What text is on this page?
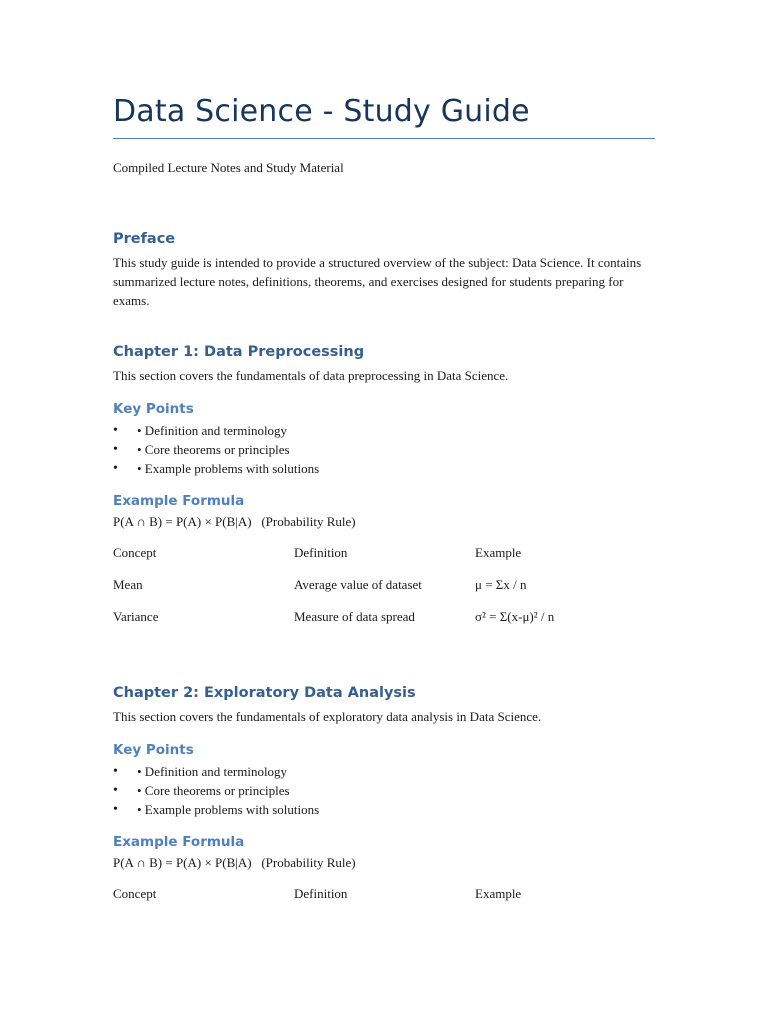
Data Science - Study Guide
Compiled Lecture Notes and Study Material
Preface

This study guide is intended to provide a structured overview of the subject: Data Science. It contains summarized lecture notes, definitions, theorems, and exercises designed for students preparing for exams.

Chapter 1: Data Preprocessing

This section covers the fundamentals of data preprocessing in Data Science.

Key Points
• • Definition and terminology
• • Core theorems or principles
• • Example problems with solutions
Example Formula
P(A ∩ B) = P(A) × P(B|A)   (Probability Rule)
Concept	Definition	Example
Mean	Average value of dataset	μ = Σx / n
Variance	Measure of data spread	σ² = Σ(x-μ)² / n
Chapter 2: Exploratory Data Analysis

This section covers the fundamentals of exploratory data analysis in Data Science.

Key Points
• • Definition and terminology
• • Core theorems or principles
• • Example problems with solutions
Example Formula
P(A ∩ B) = P(A) × P(B|A)   (Probability Rule)
Concept	Definition	Example
